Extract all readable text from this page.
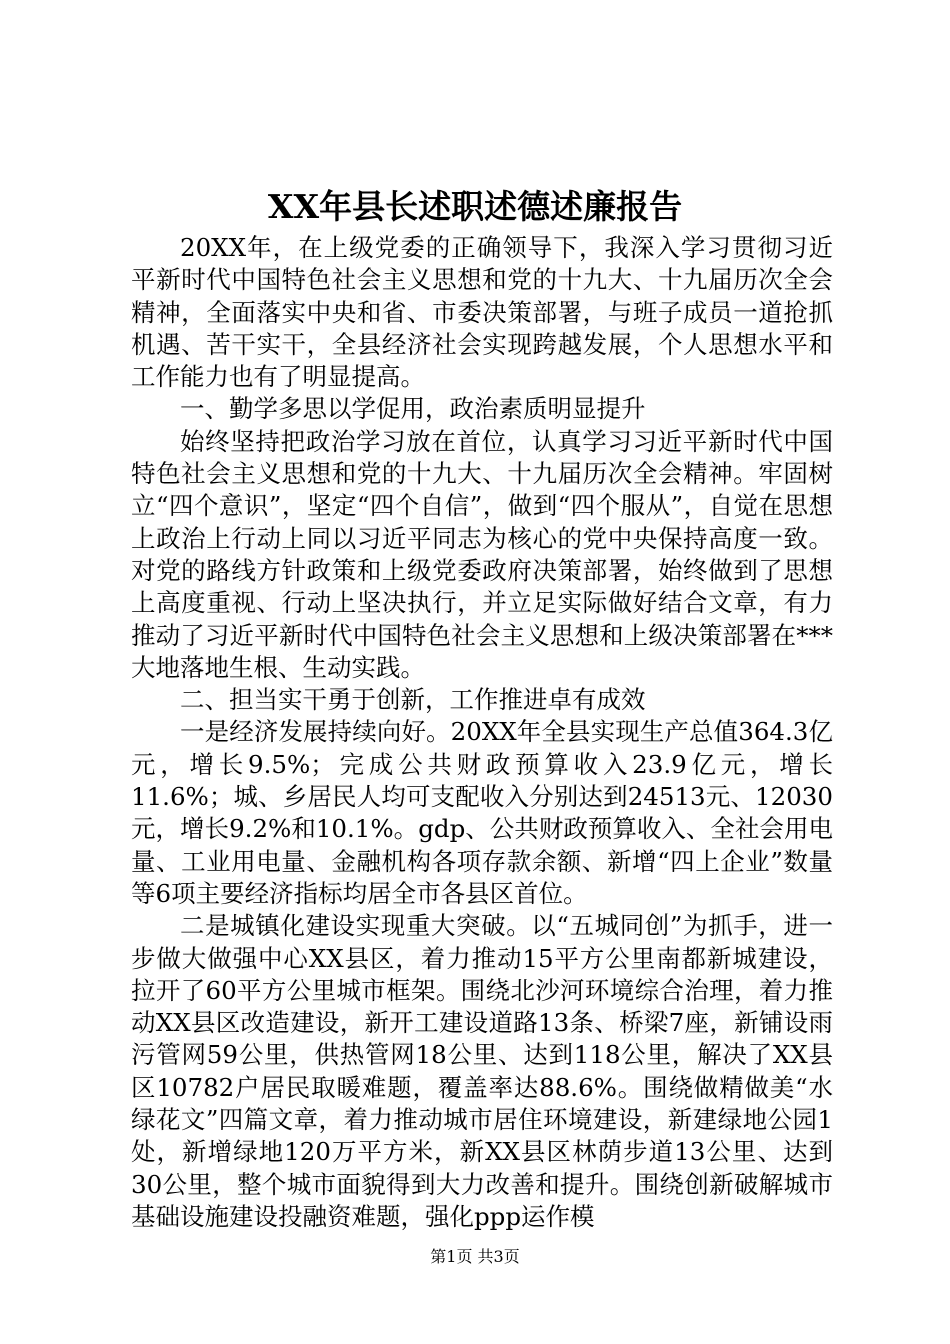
XX年县长述职述德述廉报告

20XX年，在上级党委的正确领导下，我深入学习贯彻习近平新时代中国特色社会主义思想和党的十九大、十九届历次全会精神，全面落实中央和省、市委决策部署，与班子成员一道抢抓机遇、苦干实干，全县经济社会实现跨越发展，个人思想水平和工作能力也有了明显提高。

一、勤学多思以学促用，政治素质明显提升

始终坚持把政治学习放在首位，认真学习习近平新时代中国特色社会主义思想和党的十九大、十九届历次全会精神。牢固树立“四个意识”，坚定“四个自信”，做到“四个服从”，自觉在思想上政治上行动上同以习近平同志为核心的党中央保持高度一致。对党的路线方针政策和上级党委政府决策部署，始终做到了思想上高度重视、行动上坚决执行，并立足实际做好结合文章，有力推动了习近平新时代中国特色社会主义思想和上级决策部署在***大地落地生根、生动实践。

二、担当实干勇于创新，工作推进卓有成效

一是经济发展持续向好。20XX年全县实现生产总值364.3亿元，增长9.5%；完成公共财政预算收入23.9亿元，增长11.6%；城、乡居民人均可支配收入分别达到24513元、12030元，增长9.2%和10.1%。gdp、公共财政预算收入、全社会用电量、工业用电量、金融机构各项存款余额、新增“四上企业”数量等6项主要经济指标均居全市各县区首位。

二是城镇化建设实现重大突破。以“五城同创”为抓手，进一步做大做强中心XX县区，着力推动15平方公里南都新城建设，拉开了60平方公里城市框架。围绕北沙河环境综合治理，着力推动XX县区改造建设，新开工建设道路13条、桥梁7座，新铺设雨污管网59公里，供热管网18公里、达到118公里，解决了XX县区10782户居民取暖难题，覆盖率达88.6%。围绕做精做美“水绿花文”四篇文章，着力推动城市居住环境建设，新建绿地公园1处，新增绿地120万平方米，新XX县区林荫步道13公里、达到30公里，整个城市面貌得到大力改善和提升。围绕创新破解城市基础设施建设投融资难题，强化ppp运作模

第1页 共3页
